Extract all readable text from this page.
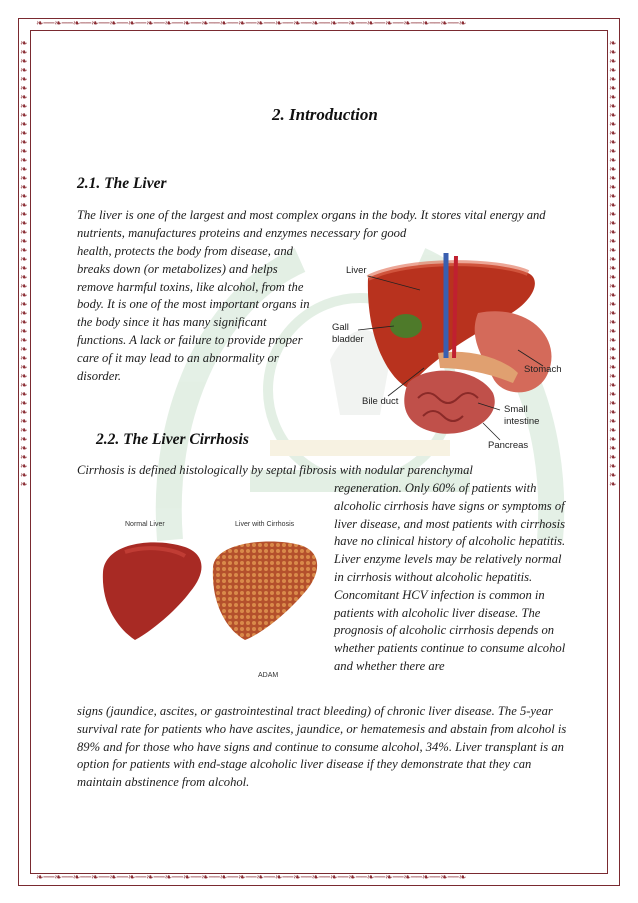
❧──❧──❧──❧──❧──❧──❧──❧──❧──❧──❧──❧──❧──❧──❧──❧──❧──❧──❧──❧──❧──❧──❧──❧
❧──❧──❧──❧──❧──❧──❧──❧──❧──❧──❧──❧──❧──❧──❧──❧──❧──❧──❧──❧──❧──❧──❧──❧
❧❧❧❧❧❧❧❧❧❧❧❧❧❧❧❧❧❧❧❧❧❧❧❧❧❧❧❧❧❧❧❧❧❧❧❧❧❧❧❧❧❧❧❧❧❧❧❧❧❧
❧❧❧❧❧❧❧❧❧❧❧❧❧❧❧❧❧❧❧❧❧❧❧❧❧❧❧❧❧❧❧❧❧❧❧❧❧❧❧❧❧❧❧❧❧❧❧❧❧❧
2. Introduction
2.1. The Liver

The liver is one of the largest and most complex organs in the body. It stores vital energy and nutrients, manufactures proteins and enzymes necessary for good

health, protects the body from disease, and breaks down (or metabolizes) and helps remove harmful toxins, like alcohol, from the body. It is one of the most important organs in the body since it has many significant functions. A lack or failure to provide proper care of it may lead to an abnormality or disorder.

Liver
Gall
bladder
Stomach
Bile duct
Small
intestine
Pancreas
2.2. The Liver Cirrhosis

Cirrhosis is defined histologically by septal fibrosis with nodular parenchymal

regeneration. Only 60% of patients with alcoholic cirrhosis have signs or symptoms of liver disease, and most patients with cirrhosis have no clinical history of alcoholic hepatitis. Liver enzyme levels may be relatively normal in cirrhosis without alcoholic hepatitis. Concomitant HCV infection is common in patients with alcoholic liver disease. The prognosis of alcoholic cirrhosis depends on whether patients continue to consume alcohol and whether there are

Normal Liver	Liver with Cirrhosis
ADAM

signs (jaundice, ascites, or gastrointestinal tract bleeding) of chronic liver disease. The 5-year survival rate for patients who have ascites, jaundice, or hematemesis and abstain from alcohol is 89% and for those who have signs and continue to consume alcohol, 34%. Liver transplant is an option for patients with end-stage alcoholic liver disease if they demonstrate that they can maintain abstinence from alcohol.
